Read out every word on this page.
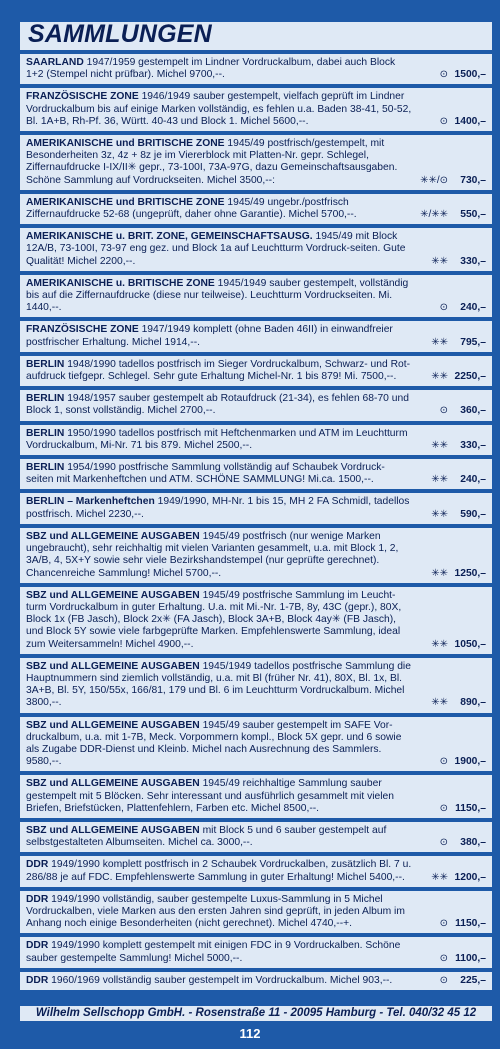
SAMMLUNGEN
SAARLAND 1947/1959 gestempelt im Lindner Vordruckalbum, dabei auch Block 1+2 (Stempel nicht prüfbar). Michel 9700,--.	⊙ 1500,–
FRANZÖSISCHE ZONE 1946/1949 sauber gestempelt, vielfach geprüft im Lindner Vordruckalbum bis auf einige Marken vollständig, es fehlen u.a. Baden 38-41, 50-52, Bl. 1A+B, Rh-Pf. 36, Württ. 40-43 und Block 1. Michel 5600,--.	⊙ 1400,–
AMERIKANISCHE und BRITISCHE ZONE 1945/49 postfrisch/gestempelt, mit Besonderheiten 3z, 4z + 8z je im Viererblock mit Platten-Nr. gepr. Schlegel, Ziffernaufdrucke I-IX/II✳ gepr., 73-100I, 73A-97G, dazu Gemeinschaftsausgaben. Schöne Sammlung auf Vordruckseiten. Michel 3500,--:	✳✳/⊙ 730,–
AMERIKANISCHE und BRITISCHE ZONE 1945/49 ungebr./postfrisch Ziffernaufdrucke 52-68 (ungeprüft, daher ohne Garantie). Michel 5700,--.	✳/✳✳ 550,–
AMERIKANISCHE u. BRIT. ZONE, GEMEINSCHAFTSAUSG. 1945/49 mit Block 12A/B, 73-100I, 73-97 eng gez. und Block 1a auf Leuchtturm Vordruck-seiten. Gute Qualität! Michel 2200,--.	✳✳ 330,–
AMERIKANISCHE u. BRITISCHE ZONE 1945/1949 sauber gestempelt, vollständig bis auf die Ziffernaufdrucke (diese nur teilweise). Leuchtturm Vordruckseiten. Mi. 1440,--.	⊙ 240,–
FRANZÖSISCHE ZONE 1947/1949 komplett (ohne Baden 46II) in einwandfreier postfrischer Erhaltung. Michel 1914,--.	✳✳ 795,–
BERLIN 1948/1990 tadellos postfrisch im Sieger Vordruckalbum, Schwarz- und Rot-aufdruck tiefgepr. Schlegel. Sehr gute Erhaltung Michel-Nr. 1 bis 879! Mi. 7500,--.	✳✳ 2250,–
BERLIN 1948/1957 sauber gestempelt ab Rotaufdruck (21-34), es fehlen 68-70 und Block 1, sonst vollständig. Michel 2700,--.	⊙ 360,–
BERLIN 1950/1990 tadellos postfrisch mit Heftchenmarken und ATM im Leuchtturm Vordruckalbum, Mi-Nr. 71 bis 879. Michel 2500,--.	✳✳ 330,–
BERLIN 1954/1990 postfrische Sammlung vollständig auf Schaubek Vordruck-seiten mit Markenheftchen und ATM. SCHÖNE SAMMLUNG! Mi.ca. 1500,--.	✳✳ 240,–
BERLIN – Markenheftchen 1949/1990, MH-Nr. 1 bis 15, MH 2 FA Schmidl, tadellos postfrisch. Michel 2230,--.	✳✳ 590,–
SBZ und ALLGEMEINE AUSGABEN 1945/49 postfrisch (nur wenige Marken ungebraucht), sehr reichhaltig mit vielen Varianten gesammelt, u.a. mit Block 1, 2, 3A/B, 4, 5X+Y sowie sehr viele Bezirkshandstempel (nur geprüfte gerechnet). Chancenreiche Sammlung! Michel 5700,--.	✳✳ 1250,–
SBZ und ALLGEMEINE AUSGABEN 1945/49 postfrische Sammlung im Leucht-turm Vordruckalbum in guter Erhaltung. U.a. mit Mi.-Nr. 1-7B, 8y, 43C (gepr.), 80X, Block 1x (FB Jasch), Block 2x✳ (FA Jasch), Block 3A+B, Block 4ay✳ (FB Jasch), und Block 5Y sowie viele farbgeprüfte Marken. Empfehlenswerte Sammlung, ideal zum Weitersammeln! Michel 4900,--.	✳✳ 1050,–
SBZ und ALLGEMEINE AUSGABEN 1945/1949 tadellos postfrische Sammlung die Hauptnummern sind ziemlich vollständig, u.a. mit Bl (früher Nr. 41), 80X, Bl. 1x, Bl. 3A+B, Bl. 5Y, 150/55x, 166/81, 179 und Bl. 6 im Leuchtturm Vordruckalbum. Michel 3800,--.	✳✳ 890,–
SBZ und ALLGEMEINE AUSGABEN 1945/49 sauber gestempelt im SAFE Vor-druckalbum, u.a. mit 1-7B, Meck. Vorpommern kompl., Block 5X gepr. und 6 sowie als Zugabe DDR-Dienst und Kleinb. Michel nach Ausrechnung des Sammlers. 9580,--.	⊙ 1900,–
SBZ und ALLGEMEINE AUSGABEN 1945/49 reichhaltige Sammlung sauber gestempelt mit 5 Blöcken. Sehr interessant und ausführlich gesammelt mit vielen Briefen, Briefstücken, Plattenfehlern, Farben etc. Michel 8500,--.	⊙ 1150,–
SBZ und ALLGEMEINE AUSGABEN mit Block 5 und 6 sauber gestempelt auf selbstgestalteten Albumseiten. Michel ca. 3000,--.	⊙ 380,–
DDR 1949/1990 komplett postfrisch in 2 Schaubek Vordruckalben, zusätzlich Bl. 7 u. 286/88 je auf FDC. Empfehlenswerte Sammlung in guter Erhaltung! Michel 5400,--.	✳✳ 1200,–
DDR 1949/1990 vollständig, sauber gestempelte Luxus-Sammlung in 5 Michel Vordruckalben, viele Marken aus den ersten Jahren sind geprüft, in jeden Album im Anhang noch einige Besonderheiten (nicht gerechnet). Michel 4740,--+.	⊙ 1150,–
DDR 1949/1990 komplett gestempelt mit einigen FDC in 9 Vordruckalben. Schöne sauber gestempelte Sammlung! Michel 5000,--.	⊙ 1100,–
DDR 1960/1969 vollständig sauber gestempelt im Vordruckalbum. Michel 903,--.	⊙ 225,–
Wilhelm Sellschopp GmbH. - Rosenstraße 11 - 20095 Hamburg - Tel. 040/32 45 12
112
